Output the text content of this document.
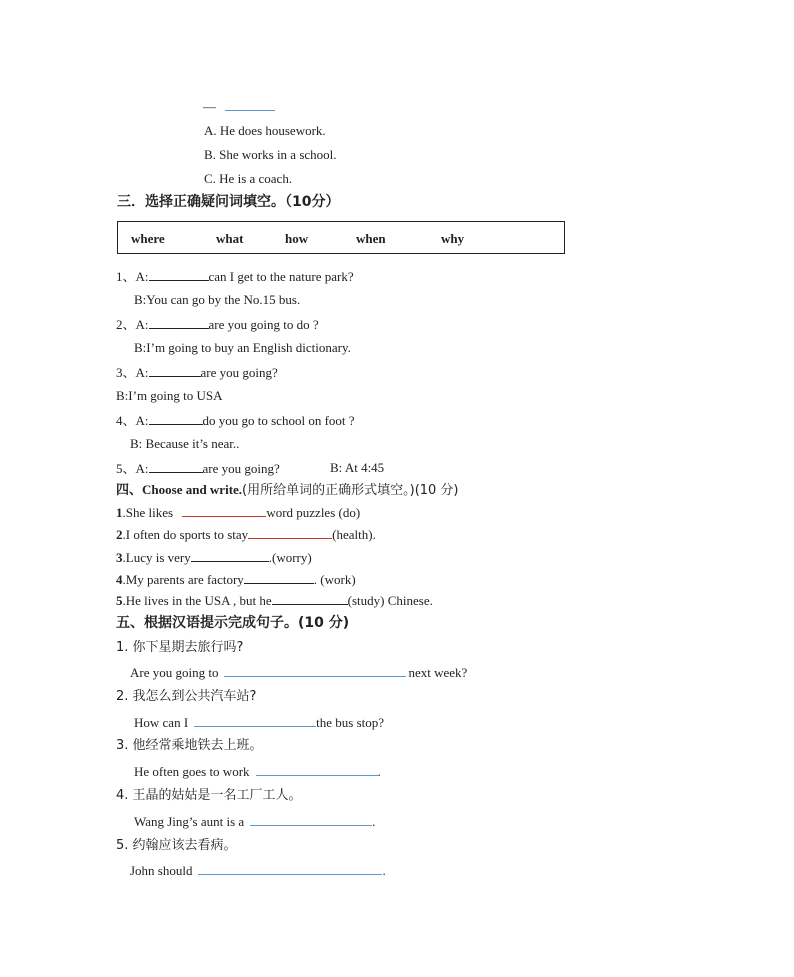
—
A. He does housework.
B. She works in a school.
C. He is a coach.
三．选择正确疑问词填空。（10分）
where	what	how	when	why
1、A:	can I get to the nature park?
B:You can go by the No.15 bus.
2、A:	are you going to do ?
B:I’m going to buy an English dictionary.
3、A:	are you going?
B:I’m going to USA
4、A:	do you go to school on foot ?
B: Because it’s near..
5、A:	are you going?	B: At 4:45
四、Choose and write.(用所给单词的正确形式填空。)(10 分)
1.She likes	word puzzles (do)
2.I often do sports to stay	(health).
3.Lucy is very	.(worry)
4.My parents are factory	. (work)
5.He lives in the USA , but he	(study) Chinese.
五、根据汉语提示完成句子。(10 分)
1. 你下星期去旅行吗?
Are you going to	next week?
2. 我怎么到公共汽车站?
How can I	the bus stop?
3. 他经常乘地铁去上班。
He often goes to work	.
4. 王晶的姑姑是一名工厂工人。
Wang Jing’s aunt is a	.
5. 约翰应该去看病。
John should	.
